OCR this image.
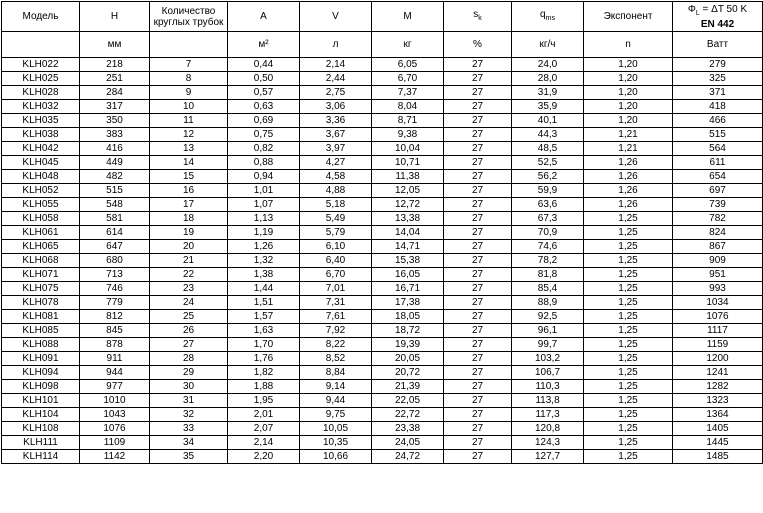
Модель	H	Количество круглых трубок	A	V	M	$s_k$	$q_{ms}$	Экспонент	$\Phi_L = \Delta T$ 50 K
EN 442

	мм		м²	л	кг	%	кг/ч	n	Ватт
KLH022	218	7	0,44	2,14	6,05	27	24,0	1,20	279
KLH025	251	8	0,50	2,44	6,70	27	28,0	1,20	325
KLH028	284	9	0,57	2,75	7,37	27	31,9	1,20	371
KLH032	317	10	0,63	3,06	8,04	27	35,9	1,20	418
KLH035	350	11	0,69	3,36	8,71	27	40,1	1,20	466
KLH038	383	12	0,75	3,67	9,38	27	44,3	1,21	515
KLH042	416	13	0,82	3,97	10,04	27	48,5	1,21	564
KLH045	449	14	0,88	4,27	10,71	27	52,5	1,26	611
KLH048	482	15	0,94	4,58	11,38	27	56,2	1,26	654
KLH052	515	16	1,01	4,88	12,05	27	59,9	1,26	697
KLH055	548	17	1,07	5,18	12,72	27	63,6	1,26	739
KLH058	581	18	1,13	5,49	13,38	27	67,3	1,25	782
KLH061	614	19	1,19	5,79	14,04	27	70,9	1,25	824
KLH065	647	20	1,26	6,10	14,71	27	74,6	1,25	867
KLH068	680	21	1,32	6,40	15,38	27	78,2	1,25	909
KLH071	713	22	1,38	6,70	16,05	27	81,8	1,25	951
KLH075	746	23	1,44	7,01	16,71	27	85,4	1,25	993
KLH078	779	24	1,51	7,31	17,38	27	88,9	1,25	1034
KLH081	812	25	1,57	7,61	18,05	27	92,5	1,25	1076
KLH085	845	26	1,63	7,92	18,72	27	96,1	1,25	1117
KLH088	878	27	1,70	8,22	19,39	27	99,7	1,25	1159
KLH091	911	28	1,76	8,52	20,05	27	103,2	1,25	1200
KLH094	944	29	1,82	8,84	20,72	27	106,7	1,25	1241
KLH098	977	30	1,88	9,14	21,39	27	110,3	1,25	1282
KLH101	1010	31	1,95	9,44	22,05	27	113,8	1,25	1323
KLH104	1043	32	2,01	9,75	22,72	27	117,3	1,25	1364
KLH108	1076	33	2,07	10,05	23,38	27	120,8	1,25	1405
KLH111	1109	34	2,14	10,35	24,05	27	124,3	1,25	1445
KLH114	1142	35	2,20	10,66	24,72	27	127,7	1,25	1485
